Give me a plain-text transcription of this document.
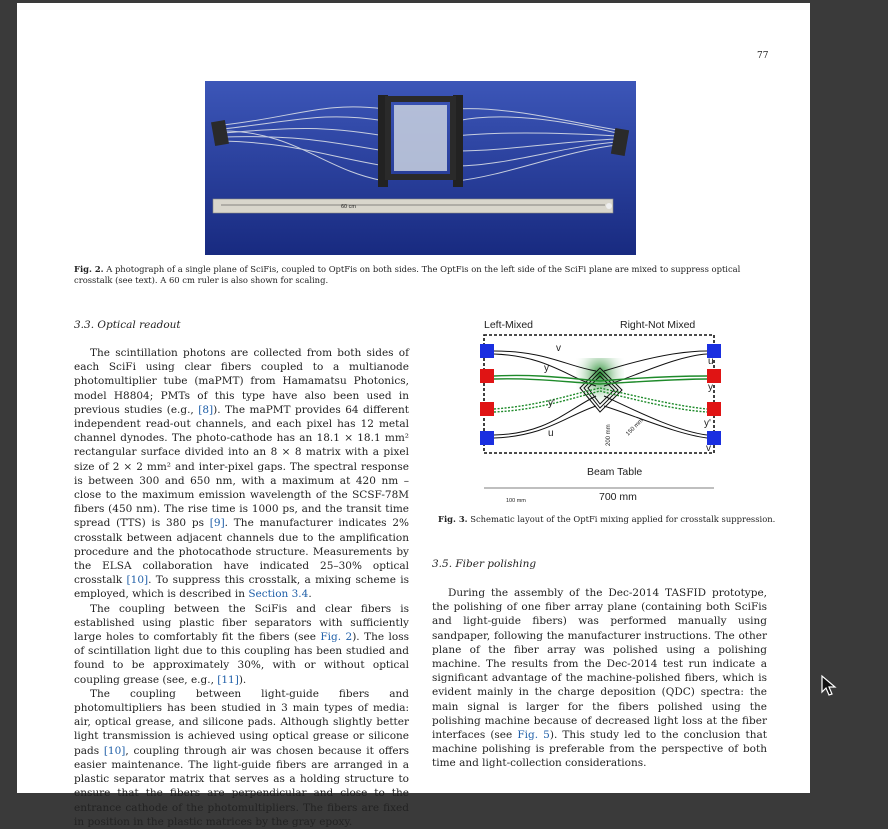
77
60 cm
Fig. 2. A photograph of a single plane of SciFis, coupled to OptFis on both sides. The OptFis on the left side of the SciFi plane are mixed to suppress optical crosstalk (see text). A 60 cm ruler is also shown for scaling.
3.3. Optical readout

The scintillation photons are collected from both sides of each SciFi using clear fibers coupled to a multianode photomultiplier tube (maPMT) from Hamamatsu Photonics, model H8804; PMTs of this type have also been used in previous studies (e.g., [8]). The maPMT provides 64 different independent read-out channels, and each pixel has 12 metal channel dynodes. The photo-cathode has an 18.1 × 18.1 mm² rectangular surface divided into an 8 × 8 matrix with a pixel size of 2 × 2 mm² and inter-pixel gaps. The spectral response is between 300 and 650 nm, with a maximum at 420 nm – close to the maximum emission wavelength of the SCSF-78M fibers (450 nm). The rise time is 1000 ps, and the transit time spread (TTS) is 380 ps [9]. The manufacturer indicates 2% crosstalk between adjacent channels due to the amplification procedure and the photocathode structure. Measurements by the ELSA collaboration have indicated 25–30% optical crosstalk [10]. To suppress this crosstalk, a mixing scheme is employed, which is described in Section 3.4.

The coupling between the SciFis and clear fibers is established using plastic fiber separators with sufficiently large holes to comfortably fit the fibers (see Fig. 2). The loss of scintillation light due to this coupling has been studied and found to be approximately 30%, with or without optical coupling grease (see, e.g., [11]).

The coupling between light-guide fibers and photomultipliers has been studied in 3 main types of media: air, optical grease, and silicone pads. Although slightly better light transmission is achieved using optical grease or silicone pads [10], coupling through air was chosen because it offers easier maintenance. The light-guide fibers are arranged in a plastic separator matrix that serves as a holding structure to ensure that the fibers are perpendicular and close to the entrance cathode of the photomultipliers. The fibers are fixed in position in the plastic matrices by the gray epoxy.

Left-Mixed	Right-Not Mixed
v
y
y'
u
u
y
y'
v
200 mm 150 mm
Beam Table
100 mm	700 mm
Fig. 3. Schematic layout of the OptFi mixing applied for crosstalk suppression.
3.5. Fiber polishing

During the assembly of the Dec-2014 TASFID prototype, the polishing of one fiber array plane (containing both SciFis and light-guide fibers) was performed manually using sandpaper, following the manufacturer instructions. The other plane of the fiber array was polished using a polishing machine. The results from the Dec-2014 test run indicate a significant advantage of the machine-polished fibers, which is evident mainly in the charge deposition (QDC) spectra: the main signal is larger for the fibers polished using the polishing machine because of decreased light loss at the fiber interfaces (see Fig. 5). This study led to the conclusion that machine polishing is preferable from the perspective of both time and light-collection considerations.
